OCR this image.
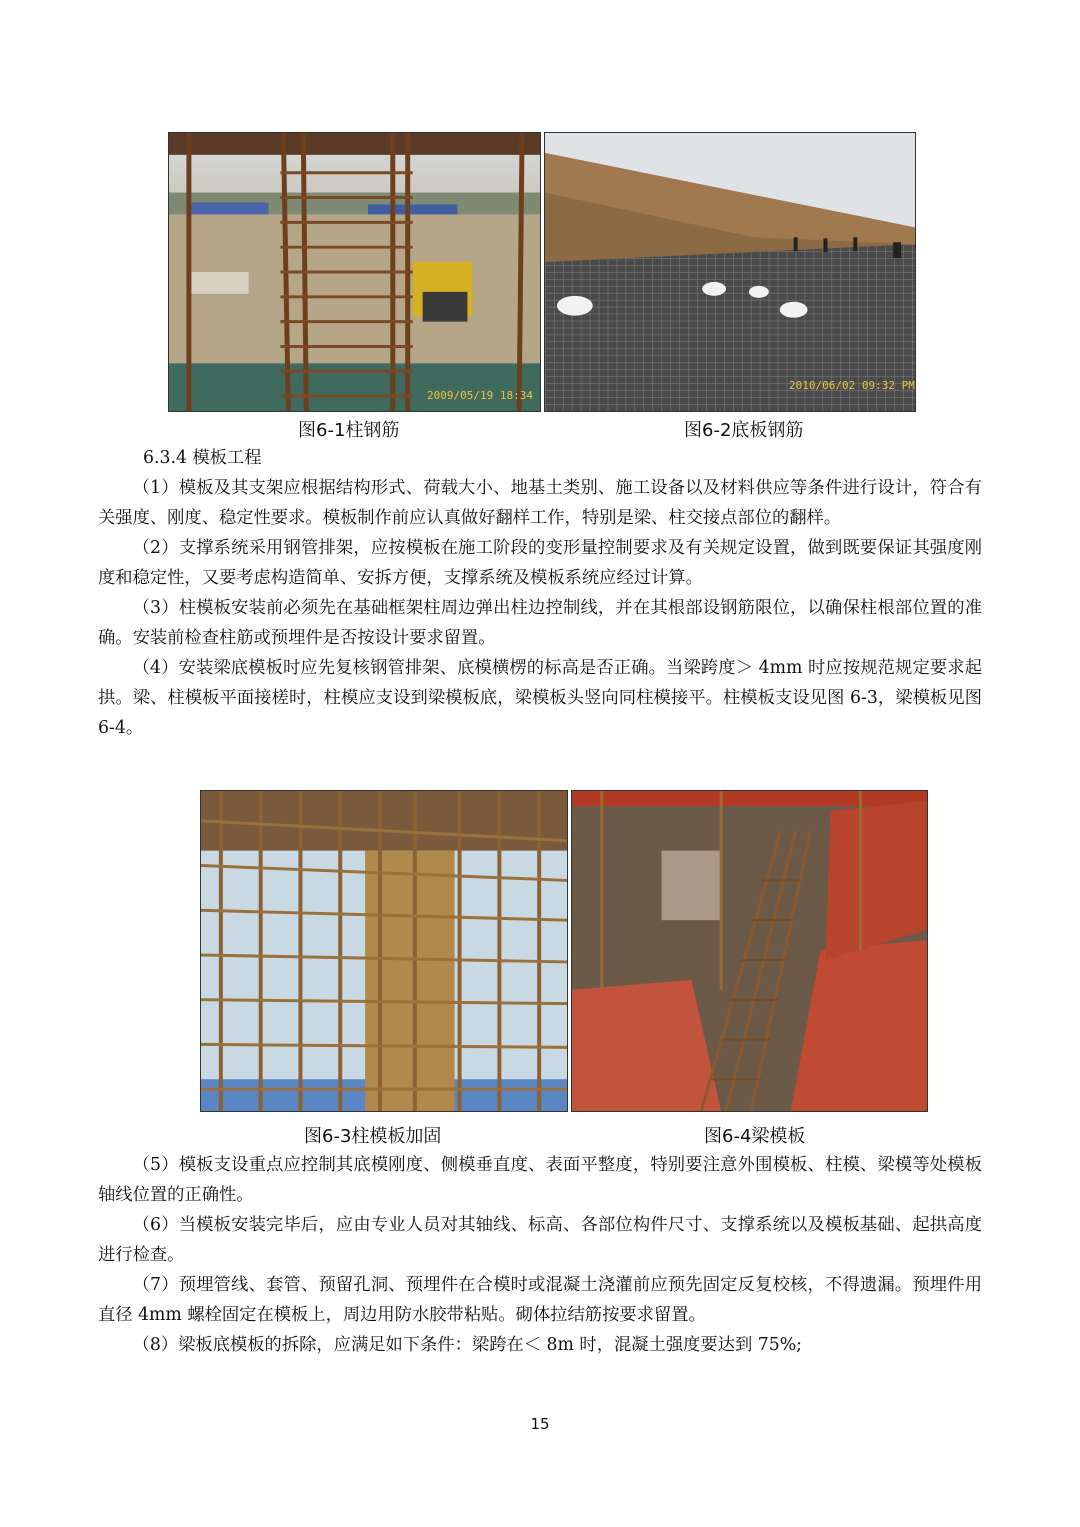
2009/05/19 18:34
2010/06/02 09:32 PM
图6-1柱钢筋	图6-2底板钢筋

6.3.4 模板工程

（1）模板及其支架应根据结构形式、荷载大小、地基土类别、施工设备以及材料供应等条件进行设计，符合有关强度、刚度、稳定性要求。模板制作前应认真做好翻样工作，特别是梁、柱交接点部位的翻样。

（2）支撑系统采用钢管排架，应按模板在施工阶段的变形量控制要求及有关规定设置，做到既要保证其强度刚度和稳定性，又要考虑构造简单、安拆方便，支撑系统及模板系统应经过计算。

（3）柱模板安装前必须先在基础框架柱周边弹出柱边控制线，并在其根部设钢筋限位，以确保柱根部位置的准确。安装前检查柱筋或预埋件是否按设计要求留置。

（4）安装梁底模板时应先复核钢管排架、底模横楞的标高是否正确。当梁跨度＞ 4mm 时应按规范规定要求起拱。梁、柱模板平面接槎时，柱模应支设到梁模板底，梁模板头竖向同柱模接平。柱模板支设见图 6-3，梁模板见图 6-4。

图6-3柱模板加固	图6-4梁模板

（5）模板支设重点应控制其底模刚度、侧模垂直度、表面平整度，特别要注意外围模板、柱模、梁模等处模板轴线位置的正确性。

（6）当模板安装完毕后，应由专业人员对其轴线、标高、各部位构件尺寸、支撑系统以及模板基础、起拱高度进行检查。

（7）预埋管线、套管、预留孔洞、预埋件在合模时或混凝土浇灌前应预先固定反复校核，不得遗漏。预埋件用直径 4mm 螺栓固定在模板上，周边用防水胶带粘贴。砌体拉结筋按要求留置。

（8）梁板底模板的拆除，应满足如下条件：梁跨在＜ 8m 时，混凝土强度要达到 75%;

15
